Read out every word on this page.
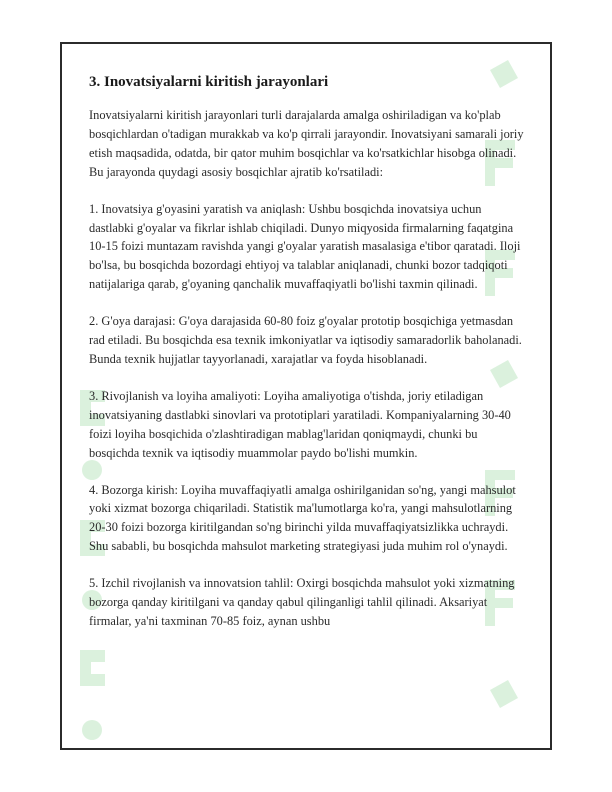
3. Inovatsiyalarni kiritish jarayonlari

Inovatsiyalarni kiritish jarayonlari turli darajalarda amalga oshiriladigan va ko'plab bosqichlardan o'tadigan murakkab va ko'p qirrali jarayondir. Inovatsiyani samarali joriy etish maqsadida, odatda, bir qator muhim bosqichlar va ko'rsatkichlar hisobga olinadi. Bu jarayonda quydagi asosiy bosqichlar ajratib ko'rsatiladi:

1. Inovatsiya g'oyasini yaratish va aniqlash: Ushbu bosqichda inovatsiya uchun dastlabki g'oyalar va fikrlar ishlab chiqiladi. Dunyo miqyosida firmalarning faqatgina 10-15 foizi muntazam ravishda yangi g'oyalar yaratish masalasiga e'tibor qaratadi. Iloji bo'lsa, bu bosqichda bozordagi ehtiyoj va talablar aniqlanadi, chunki bozor tadqiqoti natijalariga qarab, g'oyaning qanchalik muvaffaqiyatli bo'lishi taxmin qilinadi.

2. G'oya darajasi: G'oya darajasida 60-80 foiz g'oyalar prototip bosqichiga yetmasdan rad etiladi. Bu bosqichda esa texnik imkoniyatlar va iqtisodiy samaradorlik baholanadi. Bunda texnik hujjatlar tayyorlanadi, xarajatlar va foyda hisoblanadi.

3. Rivojlanish va loyiha amaliyoti: Loyiha amaliyotiga o'tishda, joriy etiladigan inovatsiyaning dastlabki sinovlari va prototiplari yaratiladi. Kompaniyalarning 30-40 foizi loyiha bosqichida o'zlashtiradigan mablag'laridan qoniqmaydi, chunki bu bosqichda texnik va iqtisodiy muammolar paydo bo'lishi mumkin.

4. Bozorga kirish: Loyiha muvaffaqiyatli amalga oshirilganidan so'ng, yangi mahsulot yoki xizmat bozorga chiqariladi. Statistik ma'lumotlarga ko'ra, yangi mahsulotlarning 20-30 foizi bozorga kiritilgandan so'ng birinchi yilda muvaffaqiyatsizlikka uchraydi. Shu sababli, bu bosqichda mahsulot marketing strategiyasi juda muhim rol o'ynaydi.

5. Izchil rivojlanish va innovatsion tahlil: Oxirgi bosqichda mahsulot yoki xizmatning bozorga qanday kiritilgani va qanday qabul qilinganligi tahlil qilinadi. Aksariyat firmalar, ya'ni taxminan 70-85 foiz, aynan ushbu
